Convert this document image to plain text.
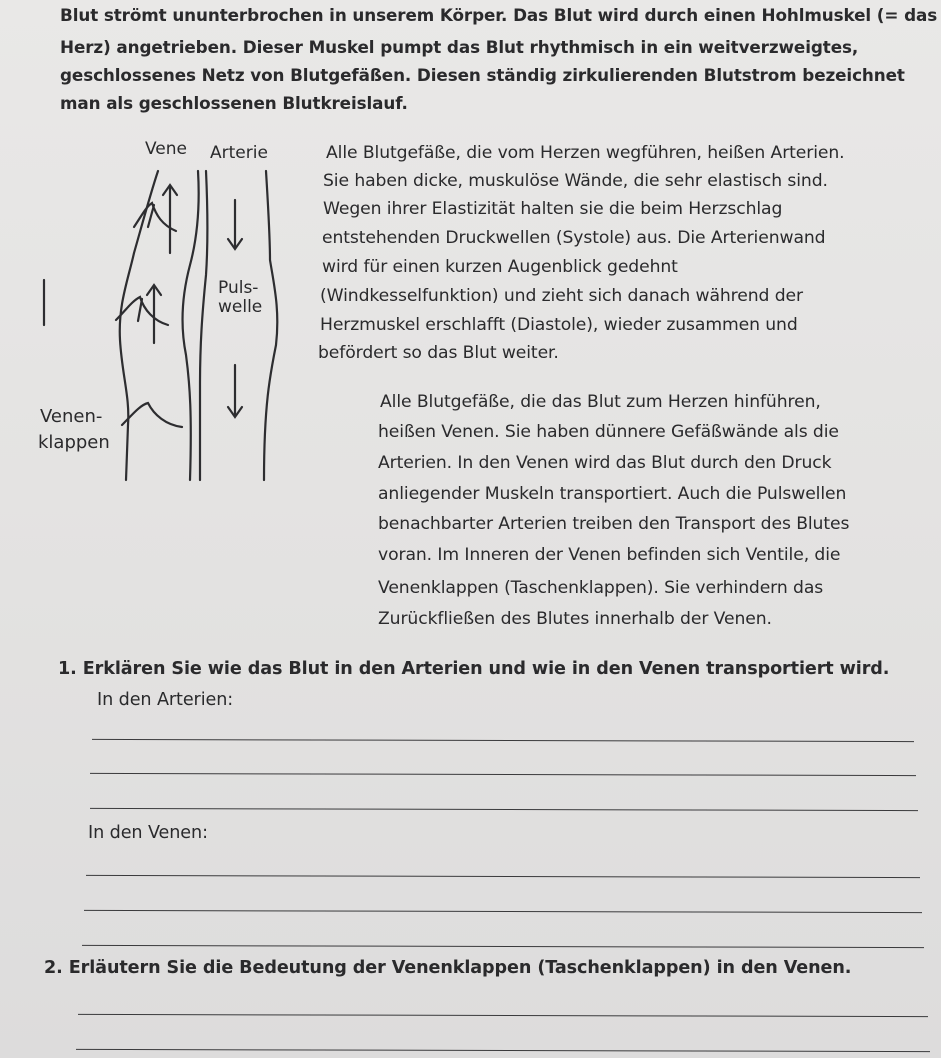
Blut strömt ununterbrochen in unserem Körper. Das Blut wird durch einen Hohlmuskel (= das
Herz) angetrieben. Dieser Muskel pumpt das Blut rhythmisch in ein weitverzweigtes,
geschlossenes Netz von Blutgefäßen. Diesen ständig zirkulierenden Blutstrom bezeichnet
man als geschlossenen Blutkreislauf.
Vene Arterie
Puls-
welle
Venen-
klappen
Alle Blutgefäße, die vom Herzen wegführen, heißen Arterien.
Sie haben dicke, muskulöse Wände, die sehr elastisch sind.
Wegen ihrer Elastizität halten sie die beim Herzschlag
entstehenden Druckwellen (Systole) aus. Die Arterienwand
wird für einen kurzen Augenblick gedehnt
(Windkesselfunktion) und zieht sich danach während der
Herzmuskel erschlafft (Diastole), wieder zusammen und
befördert so das Blut weiter.
Alle Blutgefäße, die das Blut zum Herzen hinführen,
heißen Venen. Sie haben dünnere Gefäßwände als die
Arterien. In den Venen wird das Blut durch den Druck
anliegender Muskeln transportiert. Auch die Pulswellen
benachbarter Arterien treiben den Transport des Blutes
voran. Im Inneren der Venen befinden sich Ventile, die
Venenklappen (Taschenklappen). Sie verhindern das
Zurückfließen des Blutes innerhalb der Venen.
1. Erklären Sie wie das Blut in den Arterien und wie in den Venen transportiert wird.
In den Arterien:
In den Venen:
2. Erläutern Sie die Bedeutung der Venenklappen (Taschenklappen) in den Venen.
